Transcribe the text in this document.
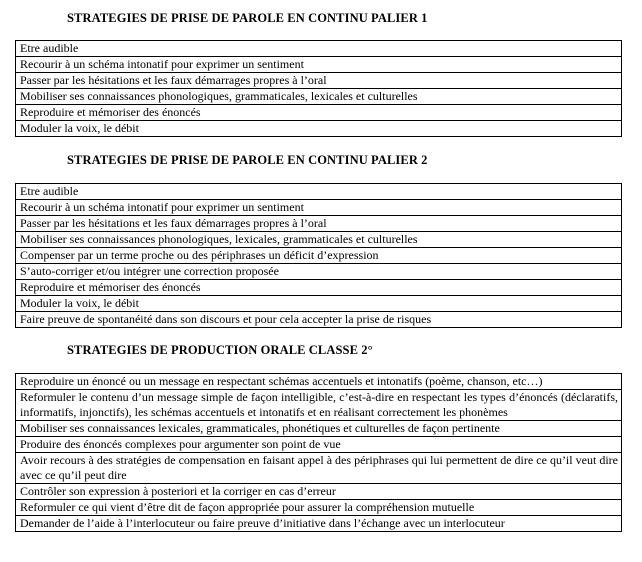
STRATEGIES DE PRISE DE PAROLE EN CONTINU PALIER 1
Etre audible
Recourir à un schéma intonatif pour exprimer un sentiment
Passer par les hésitations et les faux démarrages propres à l’oral
Mobiliser ses connaissances phonologiques, grammaticales, lexicales et culturelles
Reproduire et mémoriser des énoncés
Moduler la voix, le débit
STRATEGIES DE PRISE DE PAROLE EN CONTINU PALIER 2
Etre audible
Recourir à un schéma intonatif pour exprimer un sentiment
Passer par les hésitations et les faux démarrages propres à l’oral
Mobiliser ses connaissances phonologiques, lexicales, grammaticales et culturelles
Compenser par un terme proche ou des périphrases un déficit d’expression
S’auto-corriger et/ou intégrer une correction proposée
Reproduire et mémoriser des énoncés
Moduler la voix, le débit
Faire preuve de spontanéité dans son discours et pour cela accepter la prise de risques
STRATEGIES DE PRODUCTION ORALE CLASSE 2°
Reproduire un énoncé ou un message en respectant schémas accentuels et intonatifs (poème, chanson, etc…)
Reformuler le contenu d’un message simple de façon intelligible, c’est-à-dire en respectant les types d’énoncés (déclaratifs, informatifs, injonctifs), les schémas accentuels et intonatifs et en réalisant correctement les phonèmes
Mobiliser ses connaissances lexicales, grammaticales, phonétiques et culturelles de façon pertinente
Produire des énoncés complexes pour argumenter son point de vue
Avoir recours à des stratégies de compensation en faisant appel à des périphrases qui lui permettent de dire ce qu’il veut dire avec ce qu’il peut dire
Contrôler son expression à posteriori et la corriger en cas d’erreur
Reformuler ce qui vient d’être dit de façon appropriée pour assurer la compréhension mutuelle
Demander de l’aide à l’interlocuteur ou faire preuve d’initiative dans l’échange avec un interlocuteur
